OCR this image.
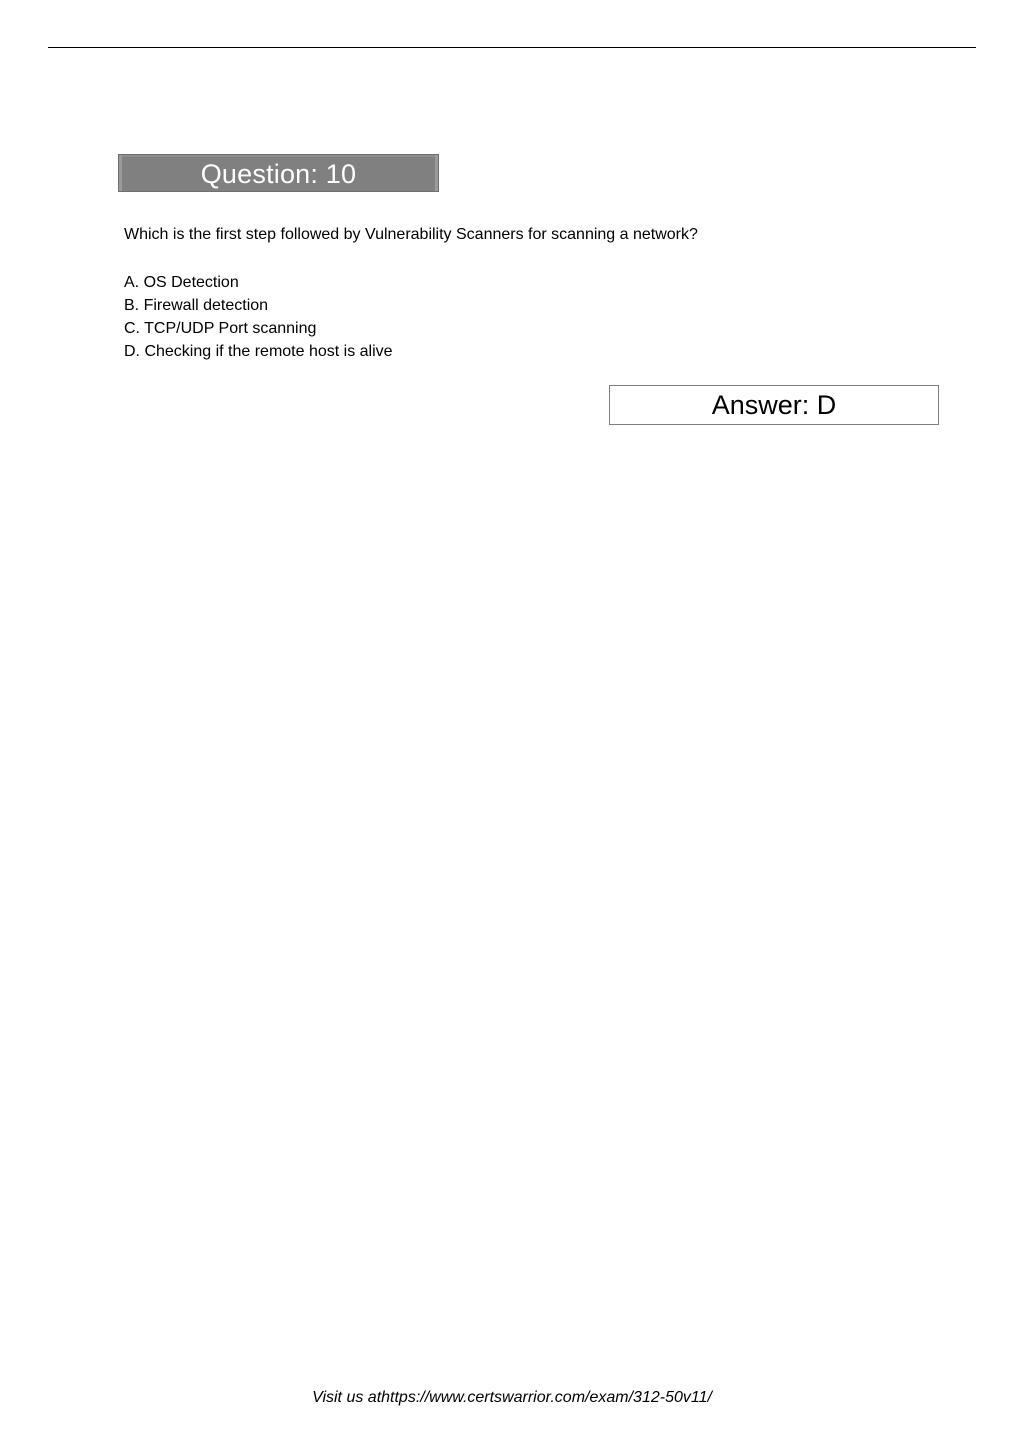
Question: 10
Which is the first step followed by Vulnerability Scanners for scanning a network?
A. OS Detection
B. Firewall detection
C. TCP/UDP Port scanning
D. Checking if the remote host is alive
Answer: D
Visit us athttps://www.certswarrior.com/exam/312-50v11/
